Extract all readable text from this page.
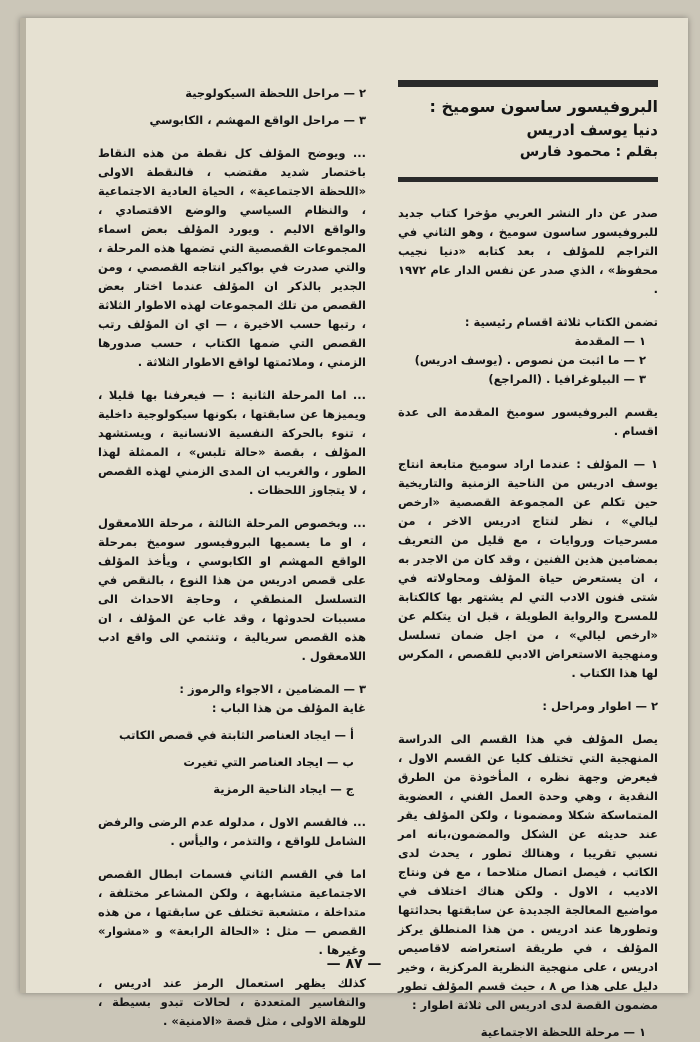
البروفيسور ساسون سوميخ :

دنيا يوسف ادريس

بقلم : محمود فارس

صدر عن دار النشر العربي مؤخرا كتاب جديد للبروفيسور ساسون سوميخ ، وهو الثاني في التراجم للمؤلف ، بعد كتابه «دنيا نجيب محفوظ» ، الذي صدر عن نفس الدار عام ١٩٧٢ .

تضمن الكتاب ثلاثة اقسام رئيسية :

١ — المقدمة

٢ — ما اثبت من نصوص . (يوسف ادريس)

٣ — البيلوغرافيا . (المراجع)

يقسم البروفيسور سوميخ المقدمة الى عدة اقسام .

١ — المؤلف : عندما اراد سوميخ متابعة انتاج يوسف ادريس من الناحية الزمنية والتاريخية حين تكلم عن المجموعة القصصية «ارخص ليالي» ، نظر لنتاج ادريس الاخر ، من مسرحيات وروايات ، مع قليل من التعريف بمضامين هذين الفنين ، وقد كان من الاجدر به ، ان يستعرض حياة المؤلف ومحاولاته في شتى فنون الادب التي لم يشتهر بها كالكتابة للمسرح والرواية الطويلة ، قبل ان يتكلم عن «ارخص ليالي» ، من اجل ضمان تسلسل ومنهجية الاستعراض الادبي للقصص ، المكرس لها هذا الكتاب .

٢ — اطوار ومراحل :

يصل المؤلف في هذا القسم الى الدراسة المنهجية التي تختلف كليا عن القسم الاول ، فيعرض وجهة نظره ، المأخوذة من الطرق النقدية ، وهي وحدة العمل الفني ، العضوية المتماسكة شكلا ومضمونا ، ولكن المؤلف يقر عند حديثه عن الشكل والمضمون،بانه امر نسبي تقريبا ، وهنالك تطور ، يحدث لدى الكاتب ، فيصل اتصال متلاحما ، مع فن ونتاج الاديب ، الاول . ولكن هناك اختلاف في مواضيع المعالجة الجديدة عن سابقتها بحداثتها وتطورها عند ادريس . من هذا المنطلق يركز المؤلف ، في طريقة استعراضه لاقاصيص ادريس ، على منهجية النظرية المركزية ، وخير دليل على هذا ص ٨ ، حيث قسم المؤلف تطور مضمون القصة لدى ادريس الى ثلاثة اطوار :

١ — مرحلة اللحظة الاجتماعية

٢ — مراحل اللحظة السيكولوجية

٣ — مراحل الواقع المهشم ، الكابوسي

... ويوضح المؤلف كل نقطة من هذه النقاط باختصار شديد مقتضب ، فالنقطة الاولى «اللحظة الاجتماعية» ، الحياة العادية الاجتماعية ، والنظام السياسي والوضع الاقتصادي ، والواقع الاليم . ويورد المؤلف بعض اسماء المجموعات القصصية التي تضمها هذه المرحلة ، والتي صدرت في بواكير انتاجه القصصي ، ومن الجدير بالذكر ان المؤلف عندما اختار بعض القصص من تلك المجموعات لهذه الاطوار الثلاثة ، رتبها حسب الاخيرة ، — اي ان المؤلف رتب القصص التي ضمها الكتاب ، حسب صدورها الزمني ، وملائمتها لواقع الاطوار الثلاثة .

... اما المرحلة الثانية : — فيعرفنا بها قليلا ، ويميزها عن سابقتها ، بكونها سيكولوجية داخلية ، تنوء بالحركة النفسية الانسانية ، ويستشهد المؤلف ، بقصة «حالة تلبس» ، الممثلة لهذا الطور ، والغريب ان المدى الزمني لهذه القصص ، لا يتجاوز اللحظات .

... وبخصوص المرحلة الثالثة ، مرحلة اللامعقول ، او ما يسميها البروفيسور سوميخ بمرحلة الواقع المهشم او الكابوسي ، ويأخذ المؤلف على قصص ادريس من هذا النوع ، بالنقص في التسلسل المنطقي ، وحاجة الاحداث الى مسببات لحدوثها ، وقد غاب عن المؤلف ، ان هذه القصص سريالية ، وتنتمي الى واقع ادب اللامعقول .

٣ — المضامين ، الاجواء والرموز :

غاية المؤلف من هذا الباب :

أ — ايجاد العناصر الثابتة في قصص الكاتب

ب — ايجاد العناصر التي تغيرت

ج — ايجاد الناحية الرمزية

... فالقسم الاول ، مدلوله عدم الرضى والرفض الشامل للواقع ، والتذمر ، واليأس .

اما في القسم الثاني فسمات ابطال القصص الاجتماعية متشابهة ، ولكن المشاعر مختلفة ، متداخلة ، متشعبة تختلف عن سابقتها ، من هذه القصص — مثل : «الحالة الرابعة» و «مشوار» وغيرها .

كذلك يظهر استعمال الرمز عند ادريس ، والتفاسير المتعددة ، لحالات تبدو بسيطة ، للوهلة الاولى ، مثل قصة «الامنية» .

— ٨٧ —
